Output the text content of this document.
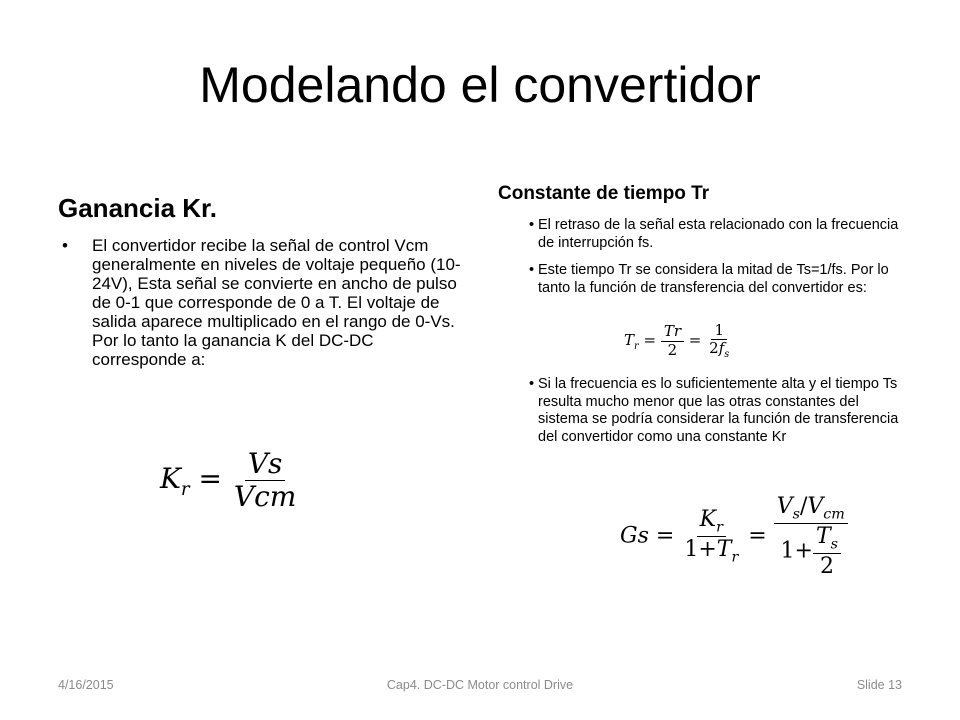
Modelando el convertidor
Ganancia Kr.
• El convertidor recibe la señal de control Vcm generalmente en niveles de voltaje pequeño (10-24V), Esta señal se convierte en ancho de pulso de 0-1 que corresponde de 0 a T. El voltaje de salida aparece multiplicado en el rango de 0-Vs. Por lo tanto la ganancia K del DC-DC corresponde a:
$K_r = \frac{Vs}{\text{Vcm}}$
Constante de tiempo Tr
• El retraso de la señal esta relacionado con la frecuencia de interrupción fs.
• Este tiempo Tr se considera la mitad de Ts=1/fs. Por lo tanto la función de transferencia del convertidor es:
$T_r = \frac{Tr}{2} = \frac{1}{2f_s}$
• Si la frecuencia es lo suficientemente alta y el tiempo Ts resulta mucho menor que las otras constantes del sistema se podría considerar la función de transferencia del convertidor como una constante Kr
$Gs = \frac{K_r}{1+T_r} = \frac{V_s/V_{cm}}{1+ \frac{T_s}{2}}$
4/16/2015	Cap4. DC-DC Motor control Drive	Slide 13
